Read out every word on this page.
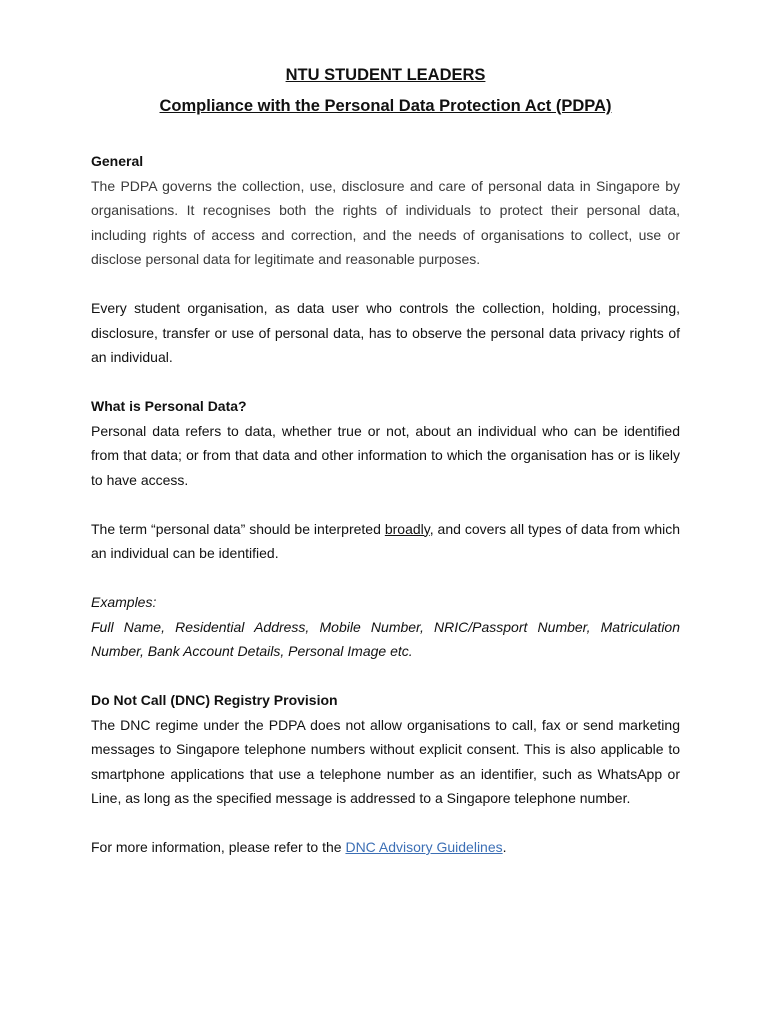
NTU STUDENT LEADERS

Compliance with the Personal Data Protection Act (PDPA)

General

The PDPA governs the collection, use, disclosure and care of personal data in Singapore by organisations. It recognises both the rights of individuals to protect their personal data, including rights of access and correction, and the needs of organisations to collect, use or disclose personal data for legitimate and reasonable purposes.

Every student organisation, as data user who controls the collection, holding, processing, disclosure, transfer or use of personal data, has to observe the personal data privacy rights of an individual.

What is Personal Data?

Personal data refers to data, whether true or not, about an individual who can be identified from that data; or from that data and other information to which the organisation has or is likely to have access.

The term “personal data” should be interpreted broadly, and covers all types of data from which an individual can be identified.

Examples:

Full Name, Residential Address, Mobile Number, NRIC/Passport Number, Matriculation Number, Bank Account Details, Personal Image etc.

Do Not Call (DNC) Registry Provision

The DNC regime under the PDPA does not allow organisations to call, fax or send marketing messages to Singapore telephone numbers without explicit consent. This is also applicable to smartphone applications that use a telephone number as an identifier, such as WhatsApp or Line, as long as the specified message is addressed to a Singapore telephone number.

For more information, please refer to the DNC Advisory Guidelines.
